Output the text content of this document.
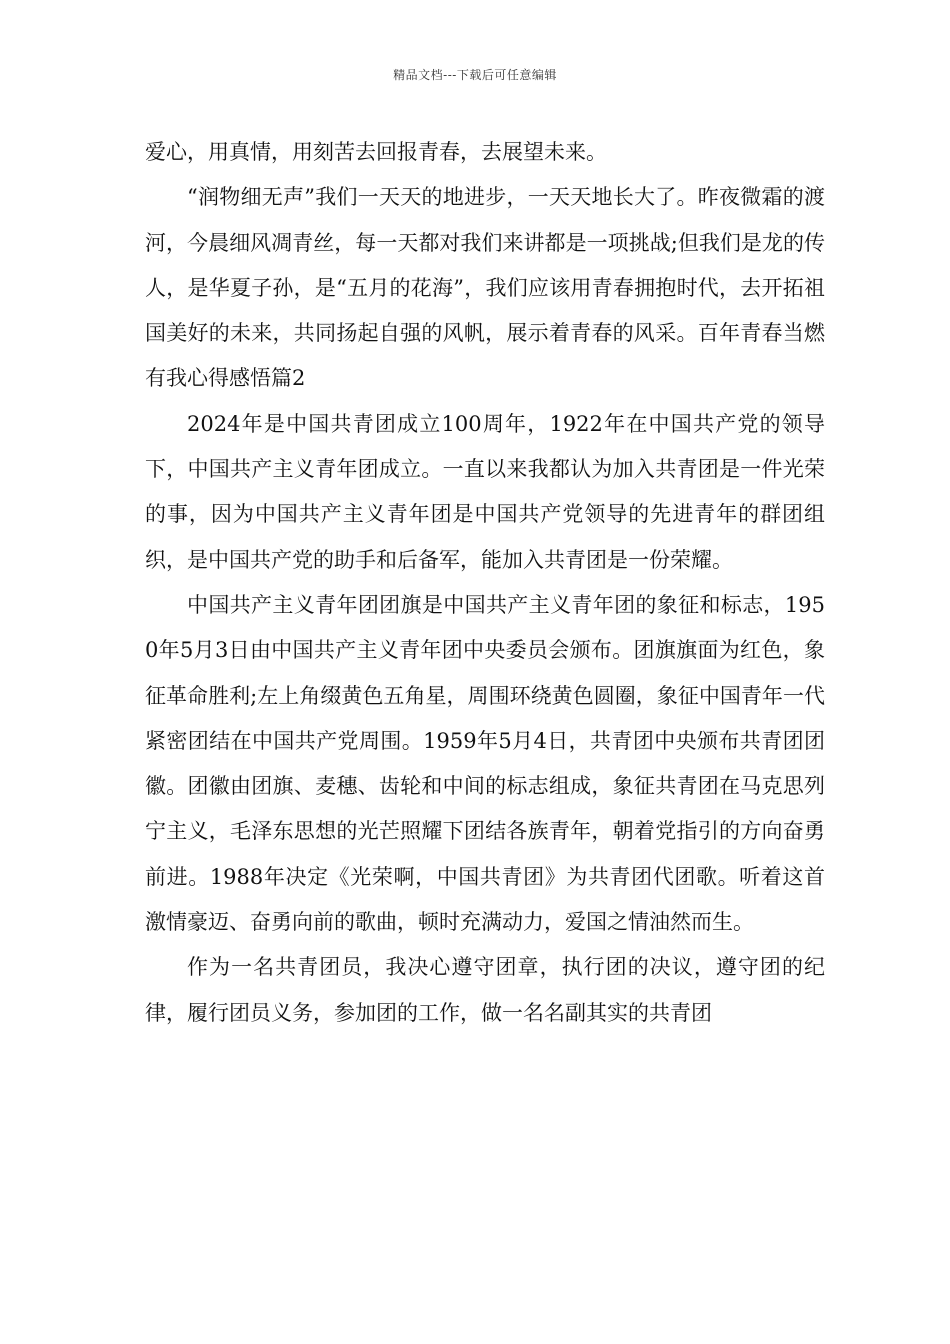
精品文档---下载后可任意编辑

爱心，用真情，用刻苦去回报青春，去展望未来。

“润物细无声”我们一天天的地进步，一天天地长大了。昨夜微霜的渡河，今晨细风凋青丝，每一天都对我们来讲都是一项挑战;但我们是龙的传人，是华夏子孙，是“五月的花海”，我们应该用青春拥抱时代，去开拓祖国美好的未来，共同扬起自强的风帆，展示着青春的风采。百年青春当燃有我心得感悟篇2

2024年是中国共青团成立100周年，1922年在中国共产党的领导下，中国共产主义青年团成立。一直以来我都认为加入共青团是一件光荣的事，因为中国共产主义青年团是中国共产党领导的先进青年的群团组织，是中国共产党的助手和后备军，能加入共青团是一份荣耀。

中国共产主义青年团团旗是中国共产主义青年团的象征和标志，1950年5月3日由中国共产主义青年团中央委员会颁布。团旗旗面为红色，象征革命胜利;左上角缀黄色五角星，周围环绕黄色圆圈，象征中国青年一代紧密团结在中国共产党周围。1959年5月4日，共青团中央颁布共青团团徽。团徽由团旗、麦穗、齿轮和中间的标志组成，象征共青团在马克思列宁主义，毛泽东思想的光芒照耀下团结各族青年，朝着党指引的方向奋勇前进。1988年决定《光荣啊，中国共青团》为共青团代团歌。听着这首激情豪迈、奋勇向前的歌曲，顿时充满动力，爱国之情油然而生。

作为一名共青团员，我决心遵守团章，执行团的决议，遵守团的纪律，履行团员义务，参加团的工作，做一名名副其实的共青团
